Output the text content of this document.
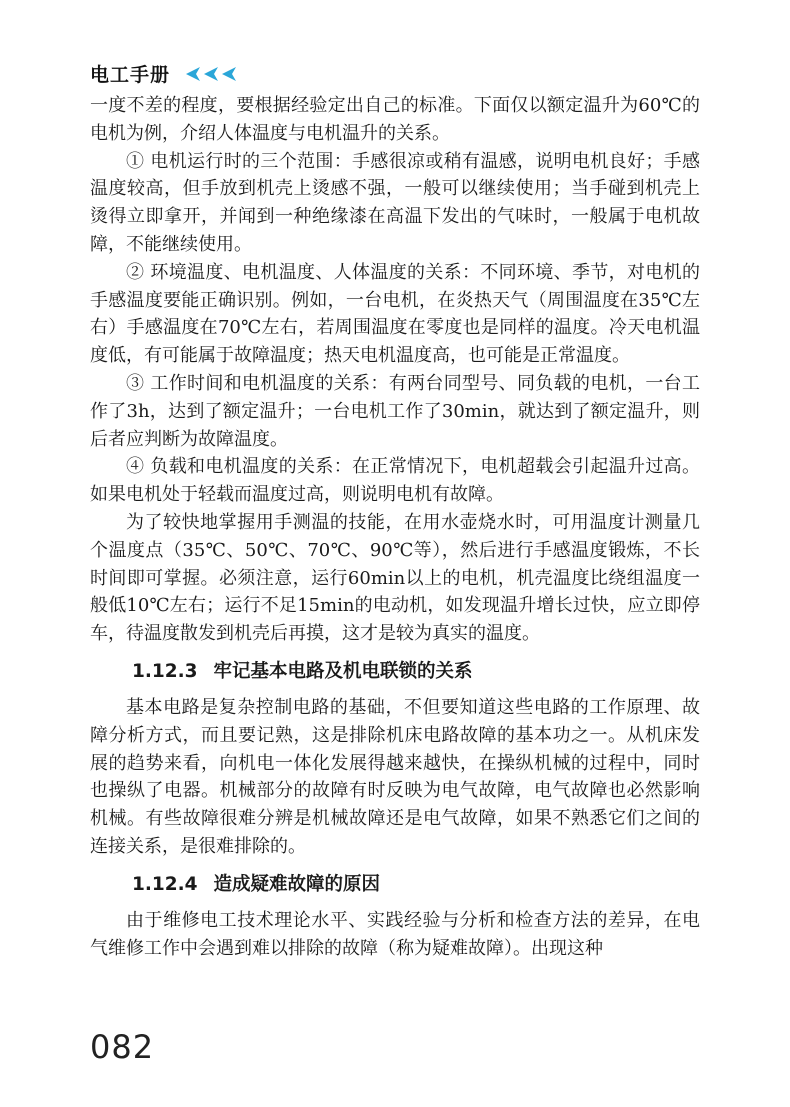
电工手册

一度不差的程度，要根据经验定出自己的标准。下面仅以额定温升为60℃的电机为例，介绍人体温度与电机温升的关系。

① 电机运行时的三个范围：手感很凉或稍有温感，说明电机良好；手感温度较高，但手放到机壳上烫感不强，一般可以继续使用；当手碰到机壳上烫得立即拿开，并闻到一种绝缘漆在高温下发出的气味时，一般属于电机故障，不能继续使用。

② 环境温度、电机温度、人体温度的关系：不同环境、季节，对电机的手感温度要能正确识别。例如，一台电机，在炎热天气（周围温度在35℃左右）手感温度在70℃左右，若周围温度在零度也是同样的温度。冷天电机温度低，有可能属于故障温度；热天电机温度高，也可能是正常温度。

③ 工作时间和电机温度的关系：有两台同型号、同负载的电机，一台工作了3h，达到了额定温升；一台电机工作了30min，就达到了额定温升，则后者应判断为故障温度。

④ 负载和电机温度的关系：在正常情况下，电机超载会引起温升过高。如果电机处于轻载而温度过高，则说明电机有故障。

为了较快地掌握用手测温的技能，在用水壶烧水时，可用温度计测量几个温度点（35℃、50℃、70℃、90℃等），然后进行手感温度锻炼，不长时间即可掌握。必须注意，运行60min以上的电机，机壳温度比绕组温度一般低10℃左右；运行不足15min的电动机，如发现温升增长过快，应立即停车，待温度散发到机壳后再摸，这才是较为真实的温度。

1.12.3 牢记基本电路及机电联锁的关系

基本电路是复杂控制电路的基础，不但要知道这些电路的工作原理、故障分析方式，而且要记熟，这是排除机床电路故障的基本功之一。从机床发展的趋势来看，向机电一体化发展得越来越快，在操纵机械的过程中，同时也操纵了电器。机械部分的故障有时反映为电气故障，电气故障也必然影响机械。有些故障很难分辨是机械故障还是电气故障，如果不熟悉它们之间的连接关系，是很难排除的。

1.12.4 造成疑难故障的原因

由于维修电工技术理论水平、实践经验与分析和检查方法的差异，在电气维修工作中会遇到难以排除的故障（称为疑难故障）。出现这种

082
